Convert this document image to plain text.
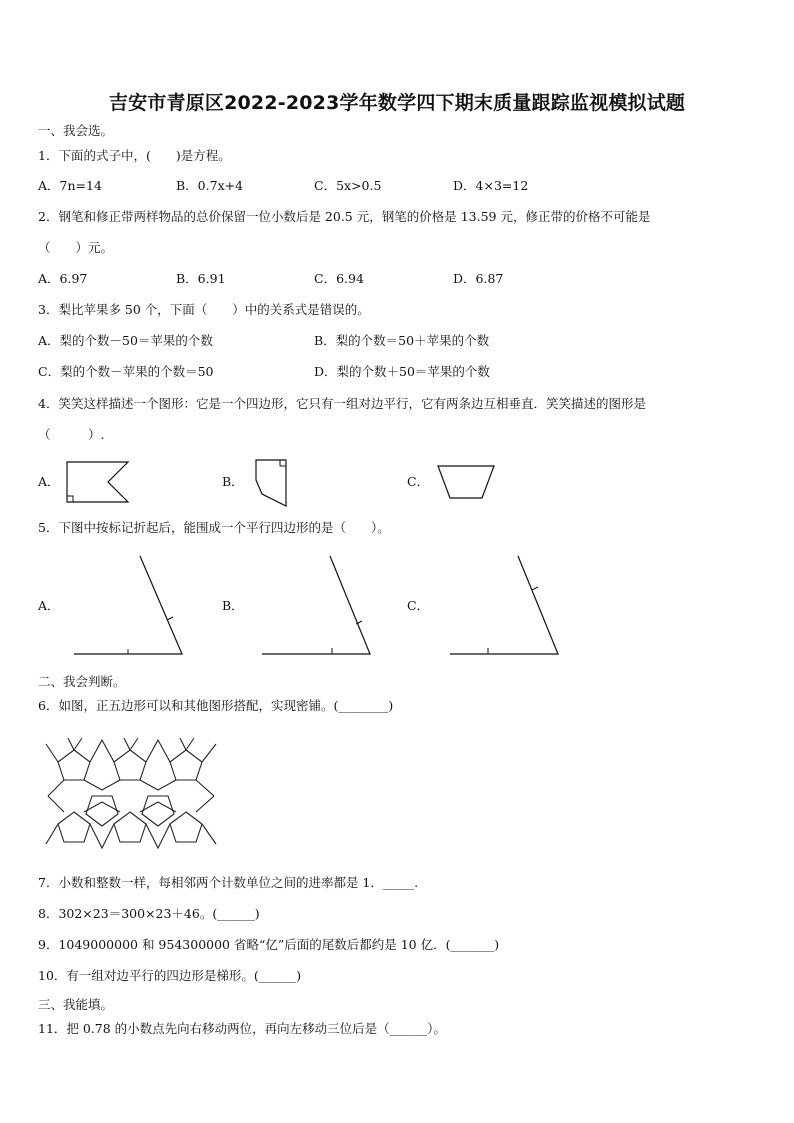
吉安市青原区2022-2023学年数学四下期末质量跟踪监视模拟试题
一、我会选。
1．下面的式子中，(　　)是方程。
A．7n=14	B．0.7x+4	C．5x>0.5	D．4×3=12
2．钢笔和修正带两样物品的总价保留一位小数后是 20.5 元，钢笔的价格是 13.59 元，修正带的价格不可能是
（　　）元。
A．6.97	B．6.91	C．6.94	D．6.87
3．梨比苹果多 50 个，下面（　　）中的关系式是错误的。
A．梨的个数－50＝苹果的个数	B．梨的个数＝50＋苹果的个数
C．梨的个数－苹果的个数＝50	D．梨的个数＋50＝苹果的个数
4．笑笑这样描述一个图形：它是一个四边形，它只有一组对边平行，它有两条边互相垂直．笑笑描述的图形是
（　　　）.
A．	B．	C．
5．下图中按标记折起后，能围成一个平行四边形的是（　　）。
A．	B．	C．
二、我会判断。
6．如图，正五边形可以和其他图形搭配，实现密铺。(________)
7．小数和整数一样，每相邻两个计数单位之间的进率都是 1．_____.
8．302×23＝300×23＋46。(______)
9．1049000000 和 954300000 省略“亿”后面的尾数后都约是 10 亿．(_______)
10．有一组对边平行的四边形是梯形。(______)
三、我能填。
11．把 0.78 的小数点先向右移动两位，再向左移动三位后是（______）。
